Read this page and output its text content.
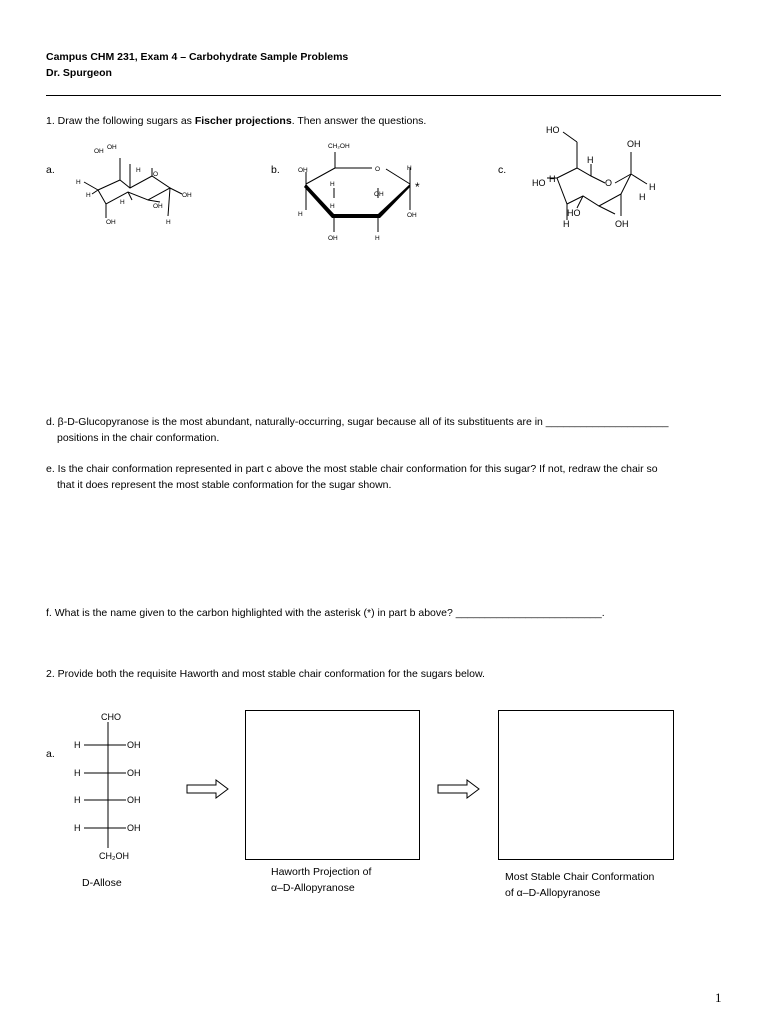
Campus CHM 231, Exam 4 – Carbohydrate Sample Problems
Dr. Spurgeon
1. Draw the following sugars as Fischer projections. Then answer the questions.
a.	b.	c.
OH
OH
H
H
H
H
O
OH
OH
OH	H
CH₂OH
O
OH
H
H
H
H
OH
OH
*
OH	H
HO
OH
H
HO H	O	H
H
HO
H	OH
d. β-D-Glucopyranose is the most abundant, naturally-occurring, sugar because all of its substituents are in _____________________
positions in the chair conformation.
e. Is the chair conformation represented in part c above the most stable chair conformation for this sugar? If not, redraw the chair so
that it does represent the most stable conformation for the sugar shown.
f. What is the name given to the carbon highlighted with the asterisk (*) in part b above? _________________________.
2. Provide both the requisite Haworth and most stable chair conformation for the sugars below.
a.
CHO
H	OH
H	OH
H	OH
H	OH
CH₂OH
D-Allose
Haworth Projection of
α–D-Allopyranose
Most Stable Chair Conformation
of α–D-Allopyranose
1
